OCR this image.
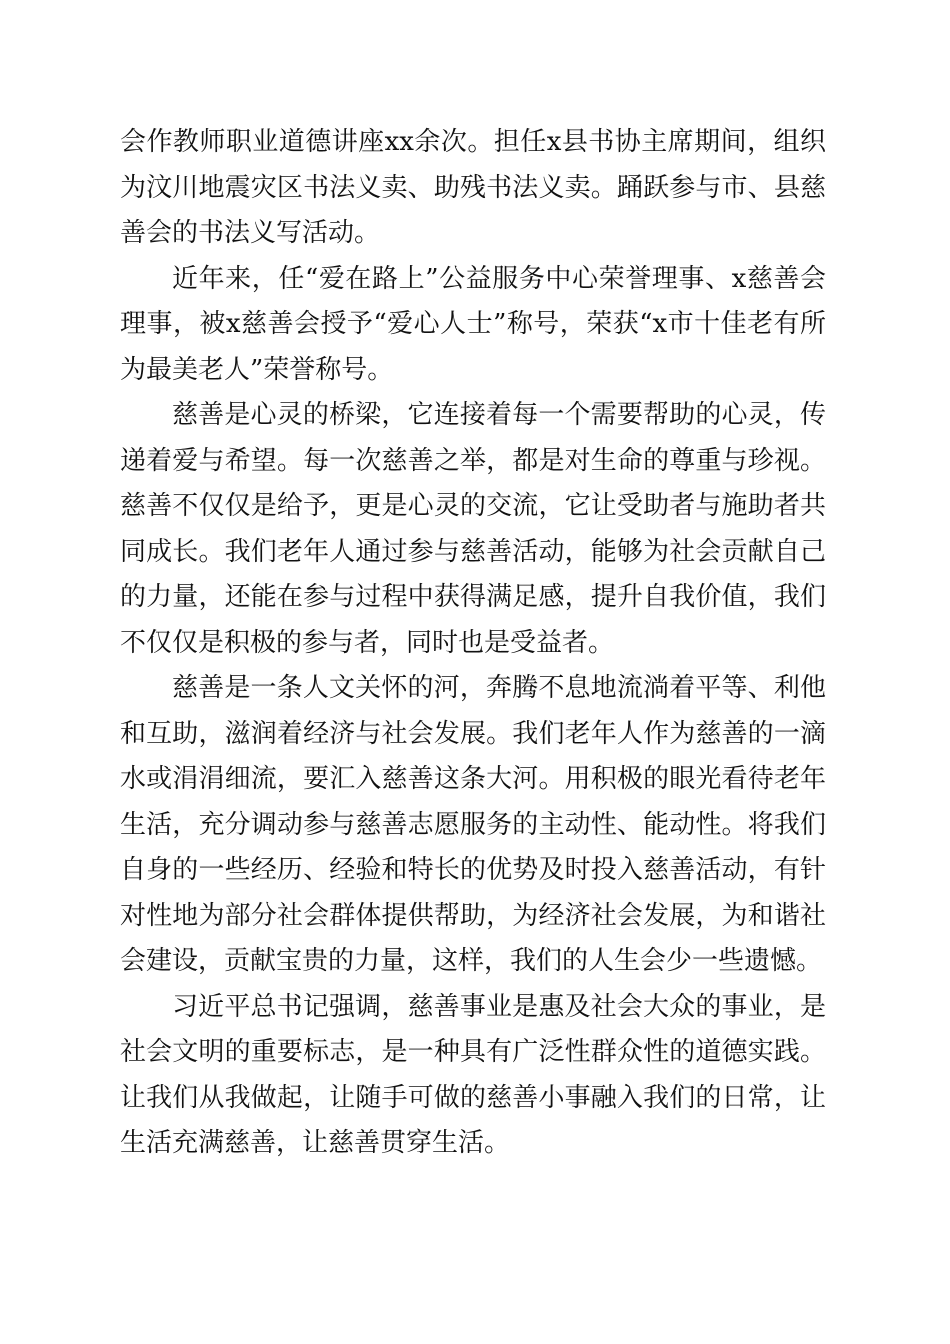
会作教师职业道德讲座xx余次。担任x县书协主席期间，组织为汶川地震灾区书法义卖、助残书法义卖。踊跃参与市、县慈善会的书法义写活动。

近年来，任“爱在路上”公益服务中心荣誉理事、x慈善会理事，被x慈善会授予“爱心人士”称号，荣获“x市十佳老有所为最美老人”荣誉称号。

慈善是心灵的桥梁，它连接着每一个需要帮助的心灵，传递着爱与希望。每一次慈善之举，都是对生命的尊重与珍视。慈善不仅仅是给予，更是心灵的交流，它让受助者与施助者共同成长。我们老年人通过参与慈善活动，能够为社会贡献自己的力量，还能在参与过程中获得满足感，提升自我价值，我们不仅仅是积极的参与者，同时也是受益者。

慈善是一条人文关怀的河，奔腾不息地流淌着平等、利他和互助，滋润着经济与社会发展。我们老年人作为慈善的一滴水或涓涓细流，要汇入慈善这条大河。用积极的眼光看待老年生活，充分调动参与慈善志愿服务的主动性、能动性。将我们自身的一些经历、经验和特长的优势及时投入慈善活动，有针对性地为部分社会群体提供帮助，为经济社会发展，为和谐社会建设，贡献宝贵的力量，这样，我们的人生会少一些遗憾。

习近平总书记强调，慈善事业是惠及社会大众的事业，是社会文明的重要标志，是一种具有广泛性群众性的道德实践。让我们从我做起，让随手可做的慈善小事融入我们的日常，让生活充满慈善，让慈善贯穿生活。
